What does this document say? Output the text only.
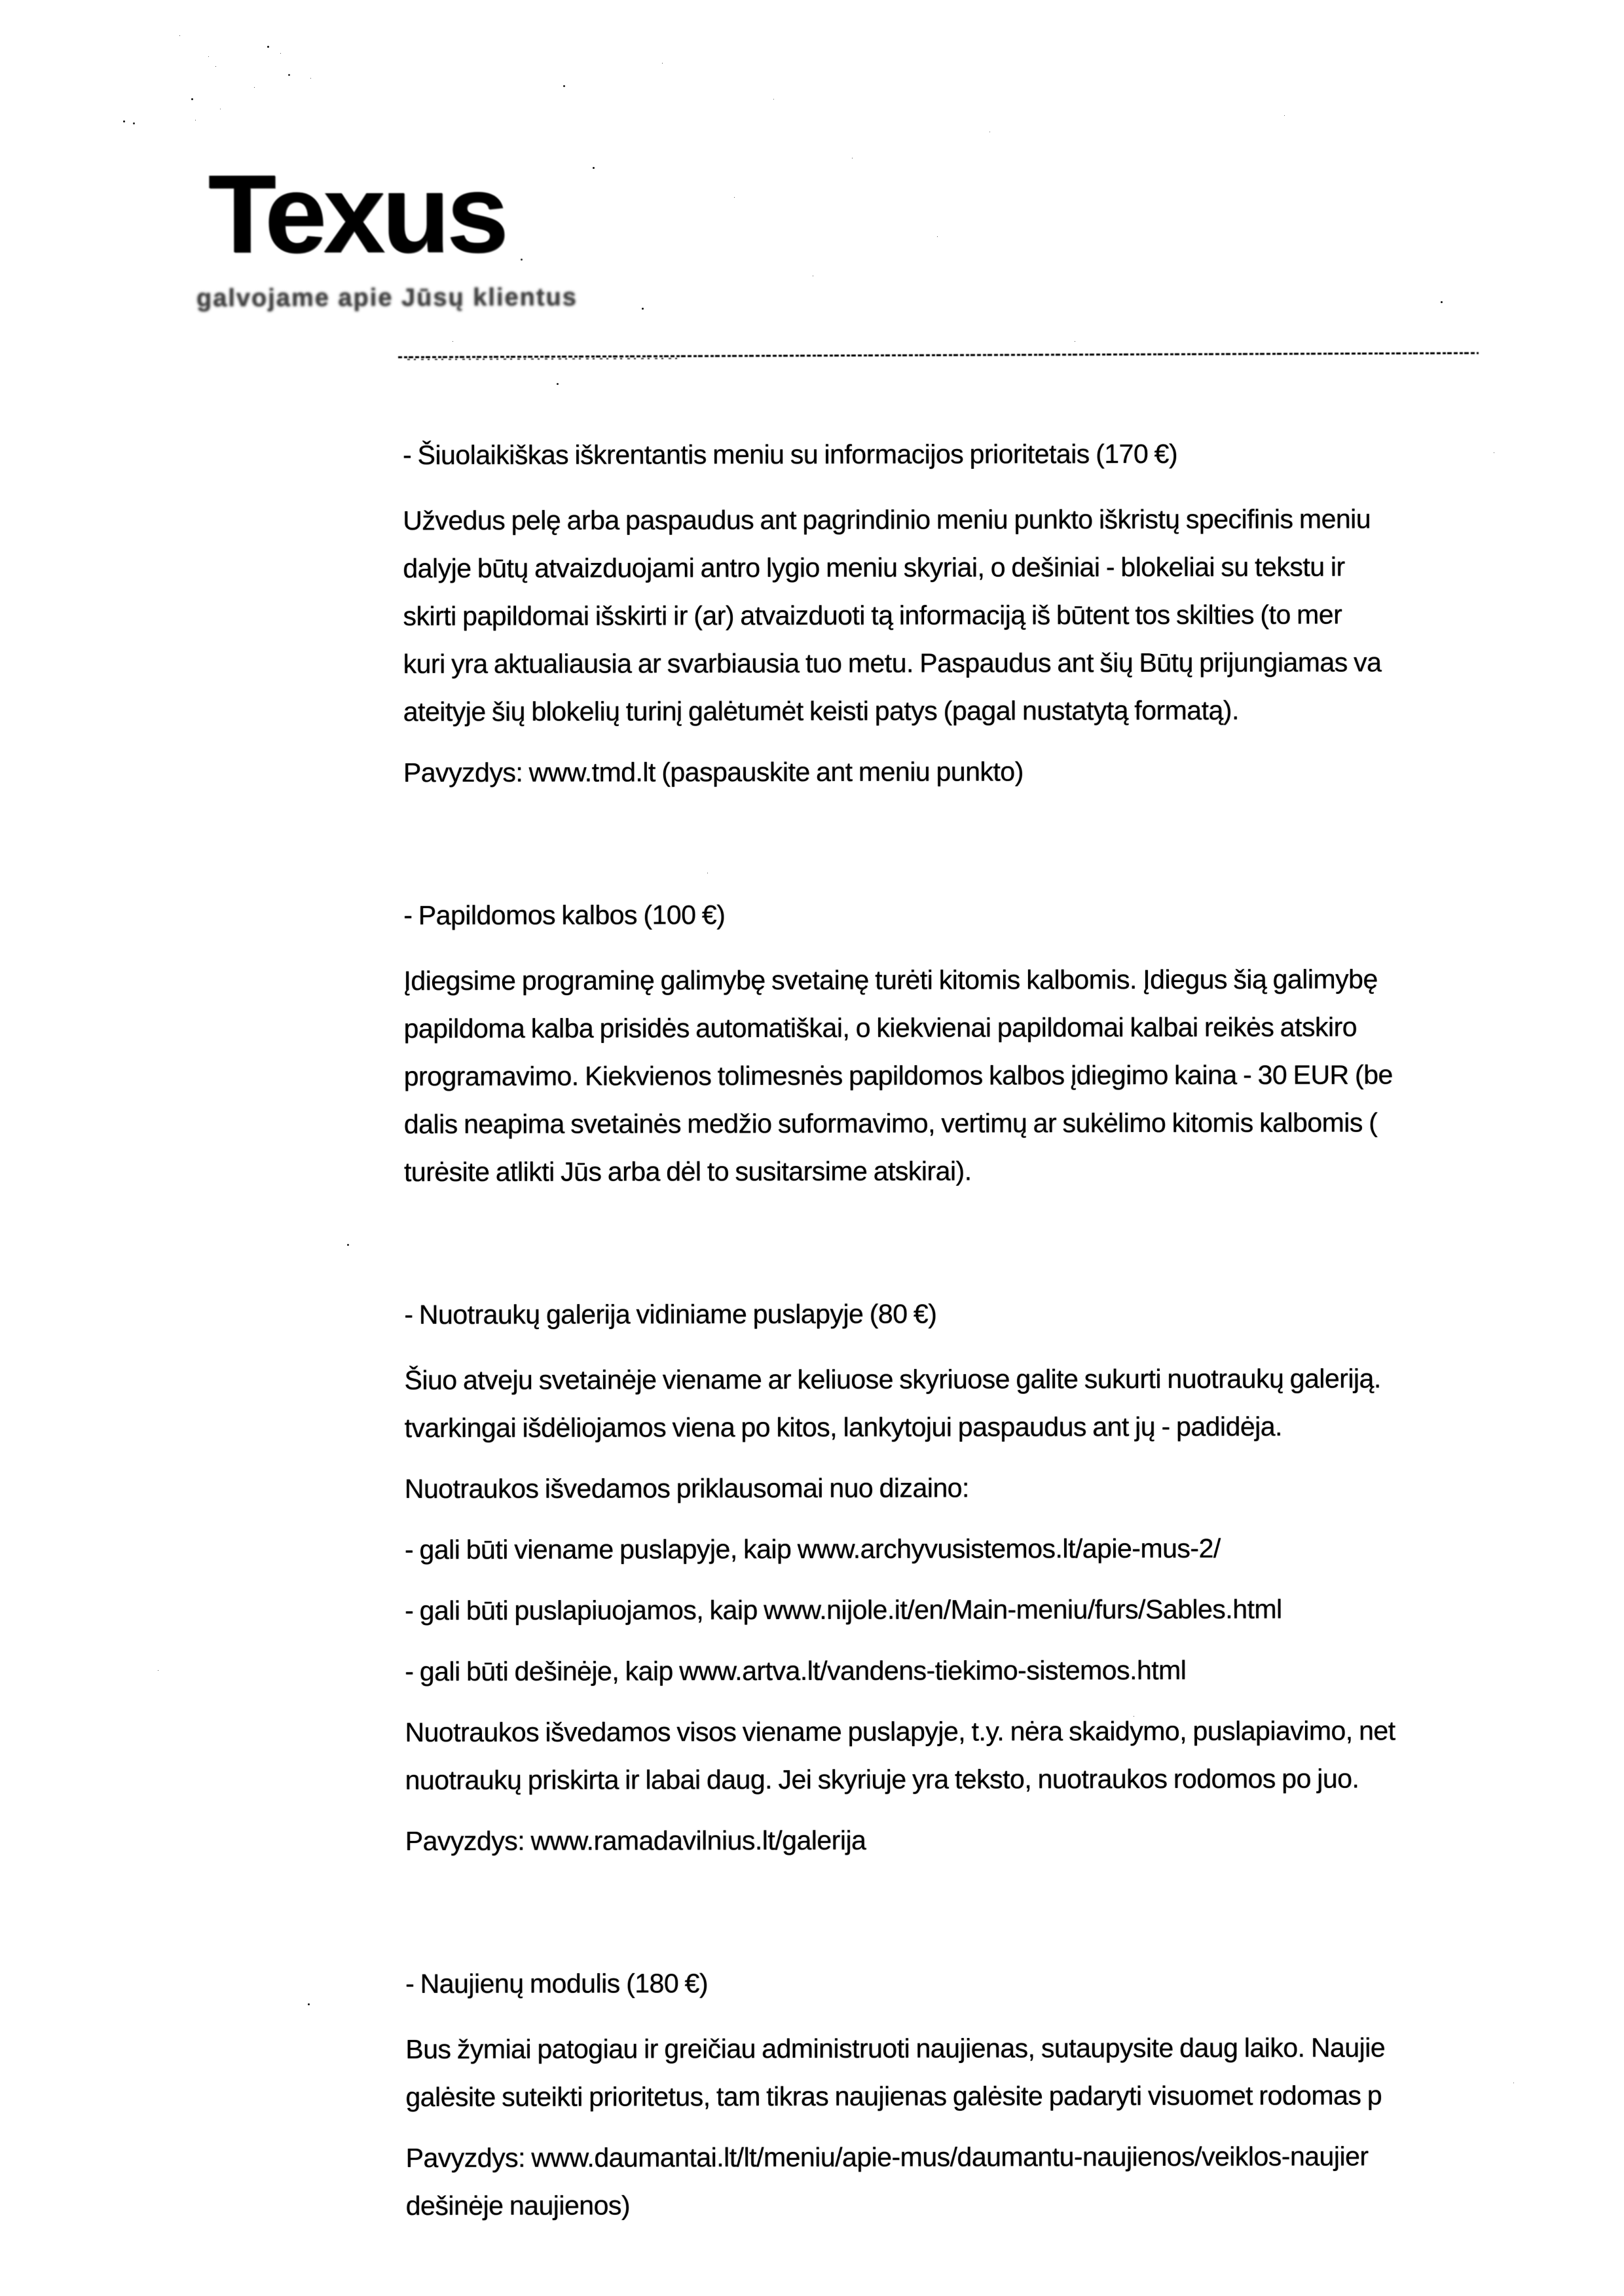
Texus
galvojame apie Jūsų klientus
- Šiuolaikiškas iškrentantis meniu su informacijos prioritetais (170 €)
Užvedus pelę arba paspaudus ant pagrindinio meniu punkto iškristų specifinis meniu
dalyje būtų atvaizduojami antro lygio meniu skyriai, o dešiniai - blokeliai su tekstu ir
skirti papildomai išskirti ir (ar) atvaizduoti tą informaciją iš būtent tos skilties (to mer
kuri yra aktualiausia ar svarbiausia tuo metu. Paspaudus ant šių Būtų prijungiamas va
ateityje šių blokelių turinį galėtumėt keisti patys (pagal nustatytą formatą).
Pavyzdys: www.tmd.lt (paspauskite ant meniu punkto)
- Papildomos kalbos (100 €)
Įdiegsime programinę galimybę svetainę turėti kitomis kalbomis. Įdiegus šią galimybę
papildoma kalba prisidės automatiškai, o kiekvienai papildomai kalbai reikės atskiro
programavimo. Kiekvienos tolimesnės papildomos kalbos įdiegimo kaina - 30 EUR (be
dalis neapima svetainės medžio suformavimo, vertimų ar sukėlimo kitomis kalbomis (
turėsite atlikti Jūs arba dėl to susitarsime atskirai).
- Nuotraukų galerija vidiniame puslapyje (80 €)
Šiuo atveju svetainėje viename ar keliuose skyriuose galite sukurti nuotraukų galeriją.
tvarkingai išdėliojamos viena po kitos, lankytojui paspaudus ant jų - padidėja.
Nuotraukos išvedamos priklausomai nuo dizaino:
- gali būti viename puslapyje, kaip www.archyvusistemos.lt/apie-mus-2/
- gali būti puslapiuojamos, kaip www.nijole.it/en/Main-meniu/furs/Sables.html
- gali būti dešinėje, kaip www.artva.lt/vandens-tiekimo-sistemos.html
Nuotraukos išvedamos visos viename puslapyje, t.y. nėra skaidymo, puslapiavimo, net
nuotraukų priskirta ir labai daug. Jei skyriuje yra teksto, nuotraukos rodomos po juo.
Pavyzdys: www.ramadavilnius.lt/galerija
- Naujienų modulis (180 €)
Bus žymiai patogiau ir greičiau administruoti naujienas, sutaupysite daug laiko. Naujie
galėsite suteikti prioritetus, tam tikras naujienas galėsite padaryti visuomet rodomas p
Pavyzdys: www.daumantai.lt/lt/meniu/apie-mus/daumantu-naujienos/veiklos-naujier
dešinėje naujienos)
